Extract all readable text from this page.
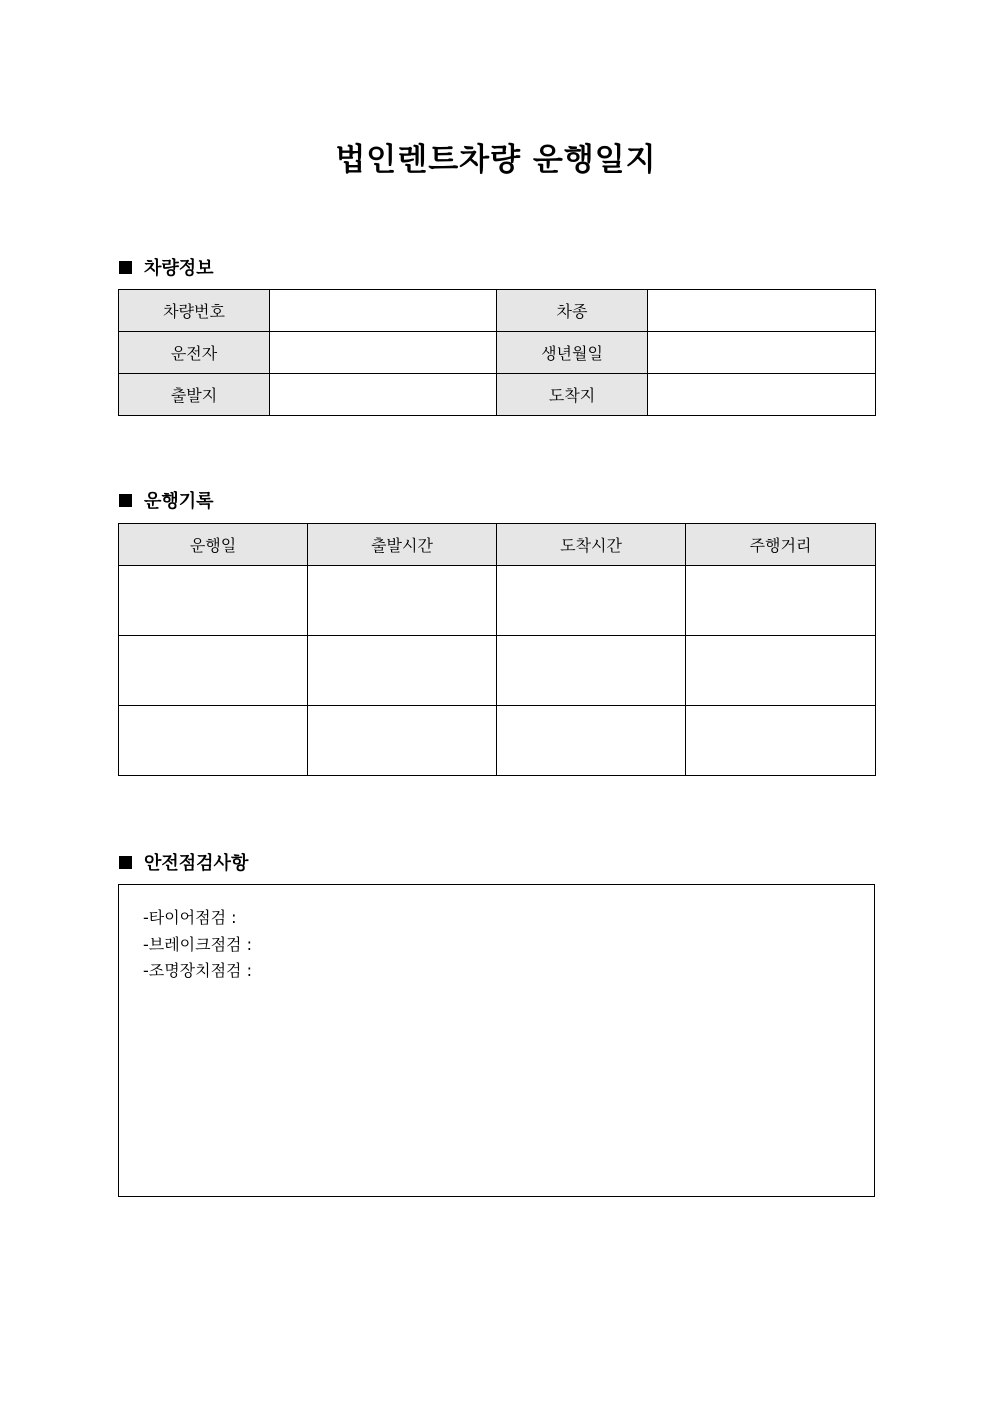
법인렌트차량 운행일지
차량정보
차량번호		차종	
운전자		생년월일	
출발지		도착지	
운행기록
운행일	출발시간	도착시간	주행거리

안전점검사항
-타이어점검 :
-브레이크점검 :
-조명장치점검 :
